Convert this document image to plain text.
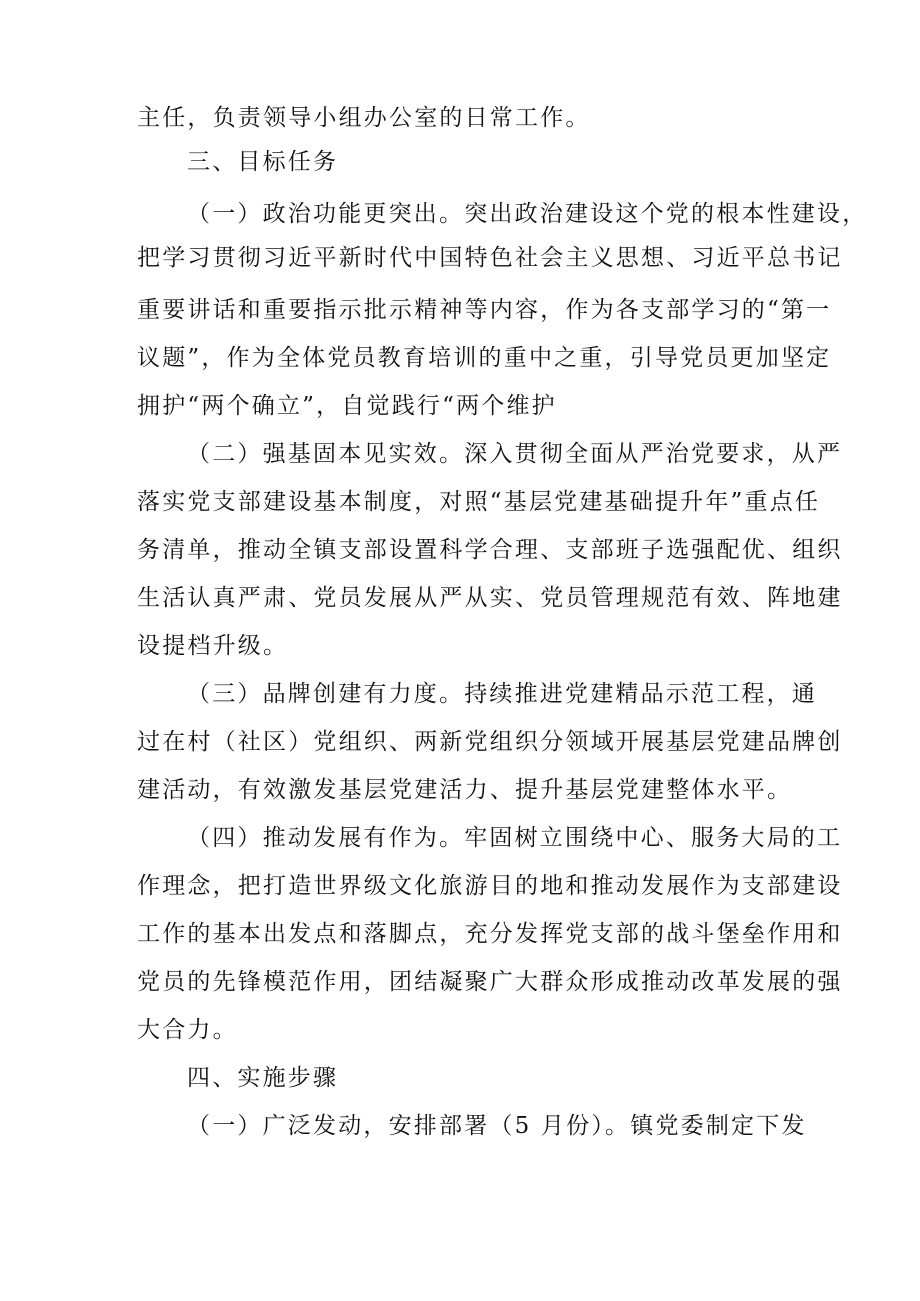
主任，负责领导小组办公室的日常工作。
三、目标任务
（一）政治功能更突出。突出政治建设这个党的根本性建设，
把学习贯彻习近平新时代中国特色社会主义思想、习近平总书记
重要讲话和重要指示批示精神等内容，作为各支部学习的“第一
议题”，作为全体党员教育培训的重中之重，引导党员更加坚定
拥护“两个确立”，自觉践行“两个维护
（二）强基固本见实效。深入贯彻全面从严治党要求，从严
落实党支部建设基本制度，对照“基层党建基础提升年”重点任
务清单，推动全镇支部设置科学合理、支部班子选强配优、组织
生活认真严肃、党员发展从严从实、党员管理规范有效、阵地建
设提档升级。
（三）品牌创建有力度。持续推进党建精品示范工程，通
过在村（社区）党组织、两新党组织分领域开展基层党建品牌创
建活动，有效激发基层党建活力、提升基层党建整体水平。
（四）推动发展有作为。牢固树立围绕中心、服务大局的工
作理念，把打造世界级文化旅游目的地和推动发展作为支部建设
工作的基本出发点和落脚点，充分发挥党支部的战斗堡垒作用和
党员的先锋模范作用，团结凝聚广大群众形成推动改革发展的强
大合力。
四、实施步骤
（一）广泛发动，安排部署（5 月份）。镇党委制定下发
